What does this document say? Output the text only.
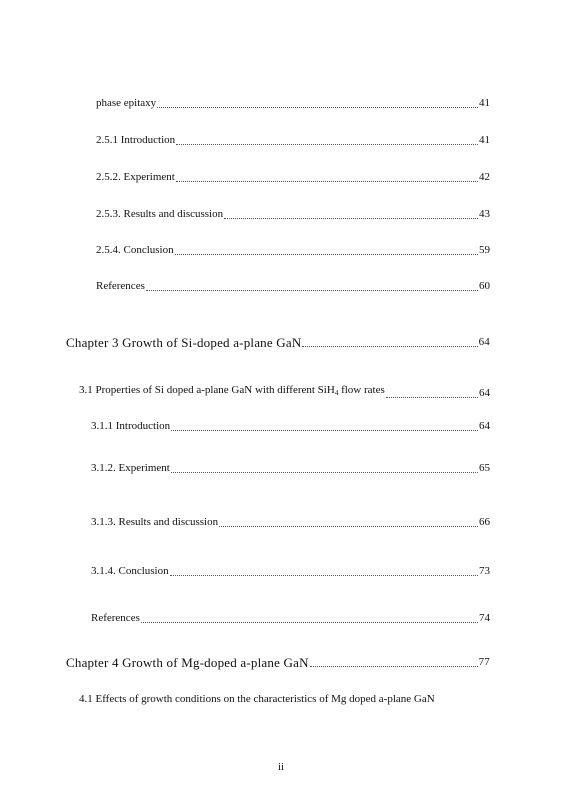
phase epitaxy	41
2.5.1 Introduction	41
2.5.2. Experiment	42
2.5.3. Results and discussion	43
2.5.4. Conclusion	59
References	60
Chapter 3 Growth of Si-doped a-plane GaN	64
3.1 Properties of Si doped a-plane GaN with different SiH$_4$ flow rates	64
3.1.1 Introduction	64
3.1.2. Experiment	65
3.1.3. Results and discussion	66
3.1.4. Conclusion	73
References	74
Chapter 4 Growth of Mg-doped a-plane GaN	77
4.1 Effects of growth conditions on the characteristics of Mg doped a-plane GaN
ii
